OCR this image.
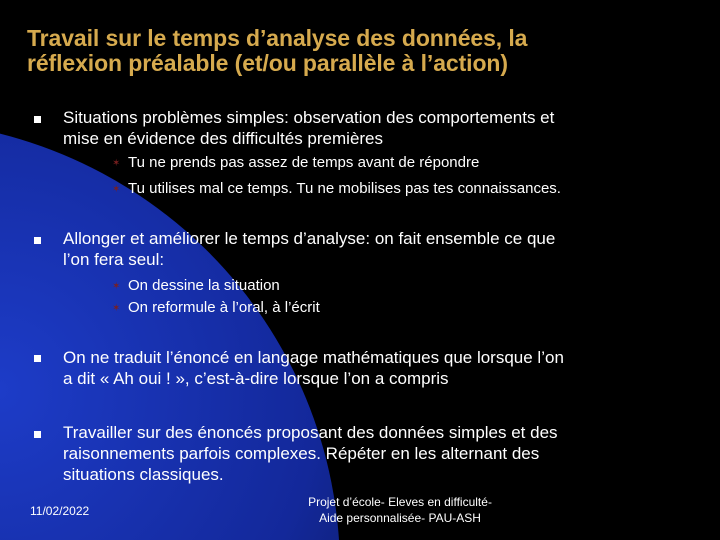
Travail sur le temps d’analyse des données, la
réflexion préalable (et/ou parallèle à l’action)
Situations problèmes simples: observation des comportements et
mise en évidence des difficultés premières
✶ Tu ne prends pas assez de temps avant de répondre
✶ Tu utilises mal ce temps. Tu ne mobilises pas tes connaissances.
Allonger et améliorer le temps d’analyse: on fait ensemble ce que
l’on fera seul:
✶ On dessine la situation
✶ On reformule à l’oral, à l’écrit
On ne traduit l’énoncé en langage mathématiques que lorsque l’on
a dit « Ah oui ! », c’est-à-dire lorsque l’on a compris
Travailler sur des énoncés proposant des données simples et des
raisonnements parfois complexes. Répéter en les alternant des
situations classiques.
11/02/2022
Projet d’école- Eleves en difficulté-
Aide personnalisée- PAU-ASH
